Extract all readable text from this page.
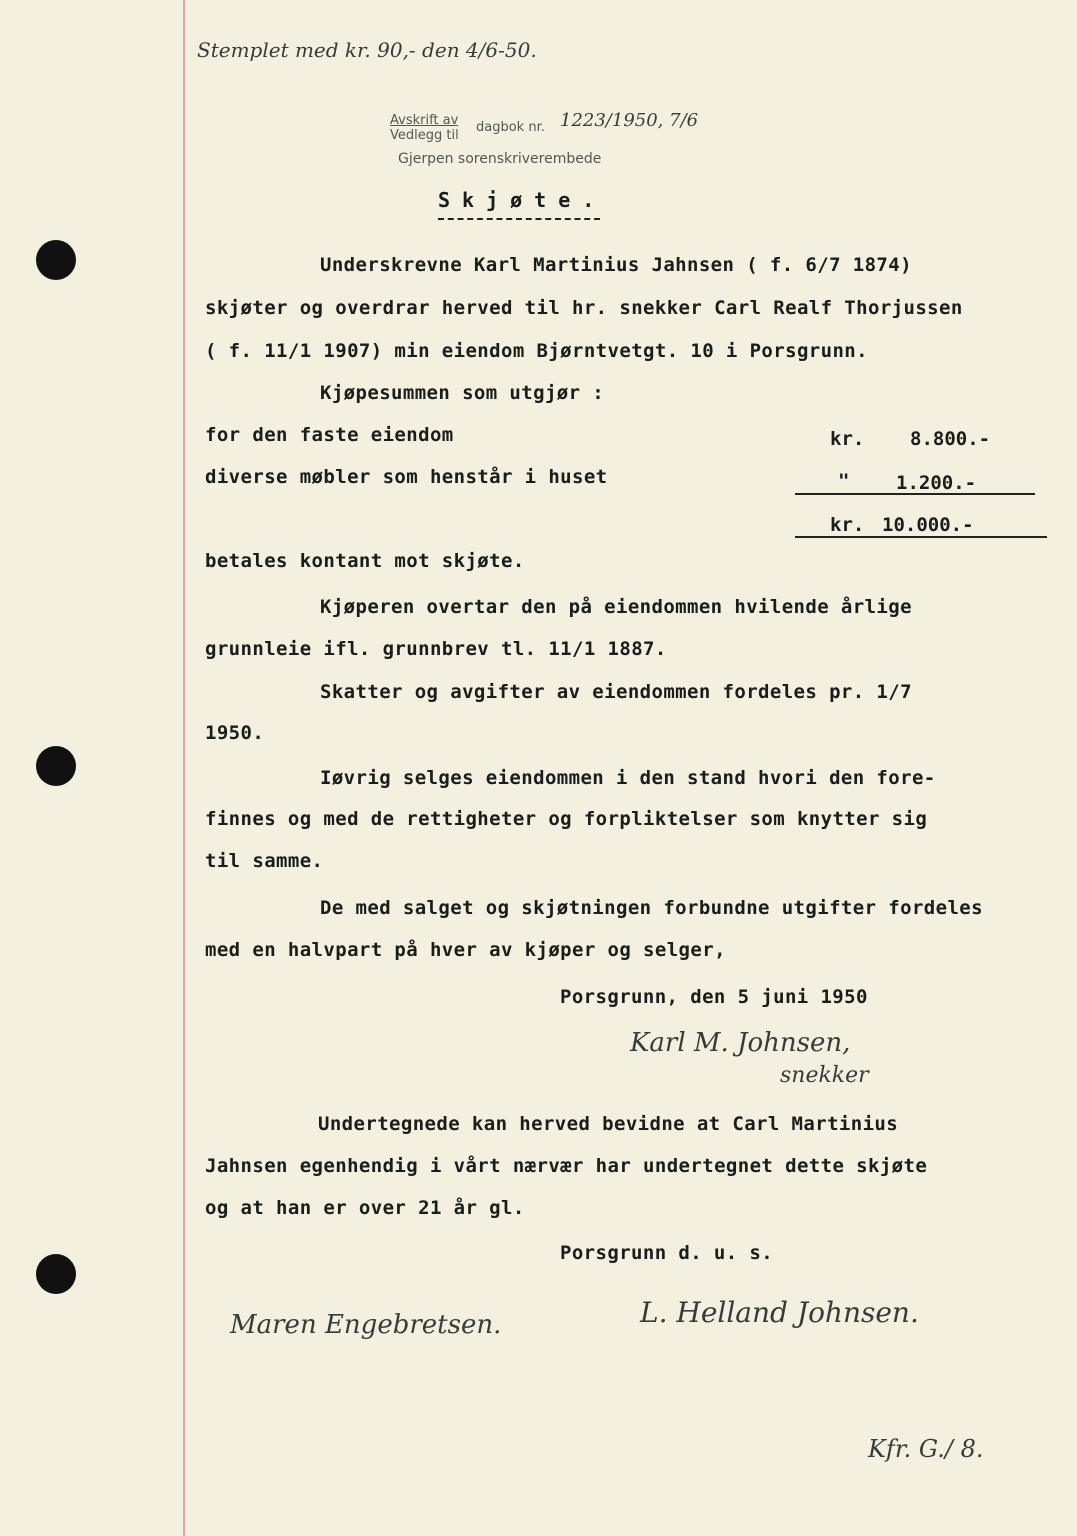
Stemplet med kr. 90,- den 4/6-50.
Avskrift av
Vedlegg til
dagbok nr. 1223/1950, 7/6
Gjerpen sorenskriverembede
Skjøte.
Underskrevne Karl Martinius Jahnsen ( f. 6/7 1874)
skjøter og overdrar herved til hr. snekker Carl Realf Thorjussen
( f. 11/1 1907) min eiendom Bjørntvetgt. 10 i Porsgrunn.
Kjøpesummen som utgjør :
for den faste eiendom	kr. 8.800.-
diverse møbler som henstår i huset	" 1.200.-
kr. 10.000.-
betales kontant mot skjøte.
Kjøperen overtar den på eiendommen hvilende årlige
grunnleie ifl. grunnbrev tl. 11/1 1887.
Skatter og avgifter av eiendommen fordeles pr. 1/7
1950.
Iøvrig selges eiendommen i den stand hvori den fore-
finnes og med de rettigheter og forpliktelser som knytter sig
til samme.
De med salget og skjøtningen forbundne utgifter fordeles
med en halvpart på hver av kjøper og selger,
Porsgrunn, den 5 juni 1950
Karl M. Johnsen,
snekker
Undertegnede kan herved bevidne at Carl Martinius
Jahnsen egenhendig i vårt nærvær har undertegnet dette skjøte
og at han er over 21 år gl.
Porsgrunn d. u. s.
Maren Engebretsen.	L. Helland Johnsen.
Kfr. G./ 8.
